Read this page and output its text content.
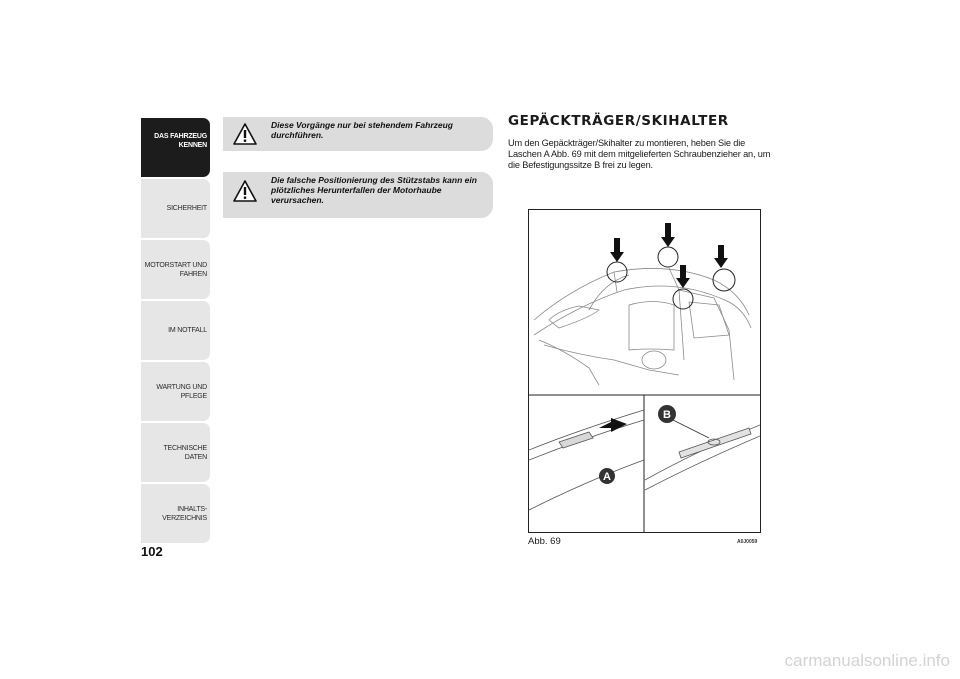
DAS FAHRZEUG
KENNEN
SICHERHEIT
MOTORSTART UND
FAHREN
IM NOTFALL
WARTUNG UND
PFLEGE
TECHNISCHE DATEN
INHALTS-
VERZEICHNIS
102
Diese Vorgänge nur bei stehendem Fahrzeug durchführen.
Die falsche Positionierung des Stützstabs kann ein plötzliches Herunterfallen der Motorhaube verursachen.
GEPÄCKTRÄGER/SKIHALTER
Um den Gepäckträger/Skihalter zu montieren, heben Sie die Laschen A Abb. 69 mit dem mitgelieferten Schraubenzieher an, um die Befestigungssitze B frei zu legen.
A
B
Abb. 69	A0J0059
carmanualsonline.info
